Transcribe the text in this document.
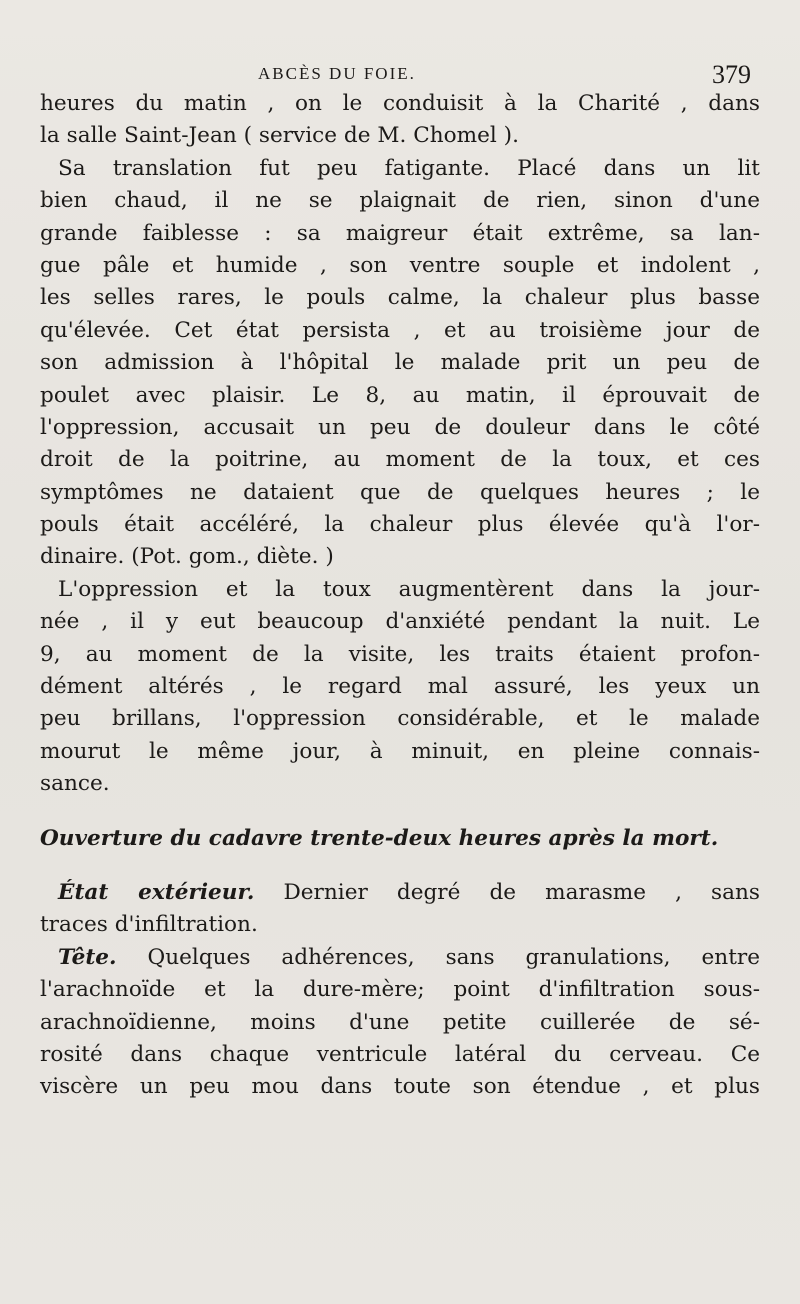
ABCÈS DU FOIE.	379
heures du matin , on le conduisit à la Charité , dans
la salle Saint-Jean ( service de M. Chomel ).
Sa translation fut peu fatigante. Placé dans un lit
bien chaud, il ne se plaignait de rien, sinon d'une
grande faiblesse : sa maigreur était extrême, sa lan-
gue pâle et humide , son ventre souple et indolent ,
les selles rares, le pouls calme, la chaleur plus basse
qu'élevée. Cet état persista , et au troisième jour de
son admission à l'hôpital le malade prit un peu de
poulet avec plaisir. Le 8, au matin, il éprouvait de
l'oppression, accusait un peu de douleur dans le côté
droit de la poitrine, au moment de la toux, et ces
symptômes ne dataient que de quelques heures ; le
pouls était accéléré, la chaleur plus élevée qu'à l'or-
dinaire. (Pot. gom., diète. )
L'oppression et la toux augmentèrent dans la jour-
née , il y eut beaucoup d'anxiété pendant la nuit. Le
9, au moment de la visite, les traits étaient profon-
dément altérés , le regard mal assuré, les yeux un
peu brillans, l'oppression considérable, et le malade
mourut le même jour, à minuit, en pleine connais-
sance.
Ouverture du cadavre trente-deux heures après la mort.
État extérieur. Dernier degré de marasme , sans
traces d'infiltration.
Tête. Quelques adhérences, sans granulations, entre
l'arachnoïde et la dure-mère; point d'infiltration sous-
arachnoïdienne, moins d'une petite cuillerée de sé-
rosité dans chaque ventricule latéral du cerveau. Ce
viscère un peu mou dans toute son étendue , et plus
